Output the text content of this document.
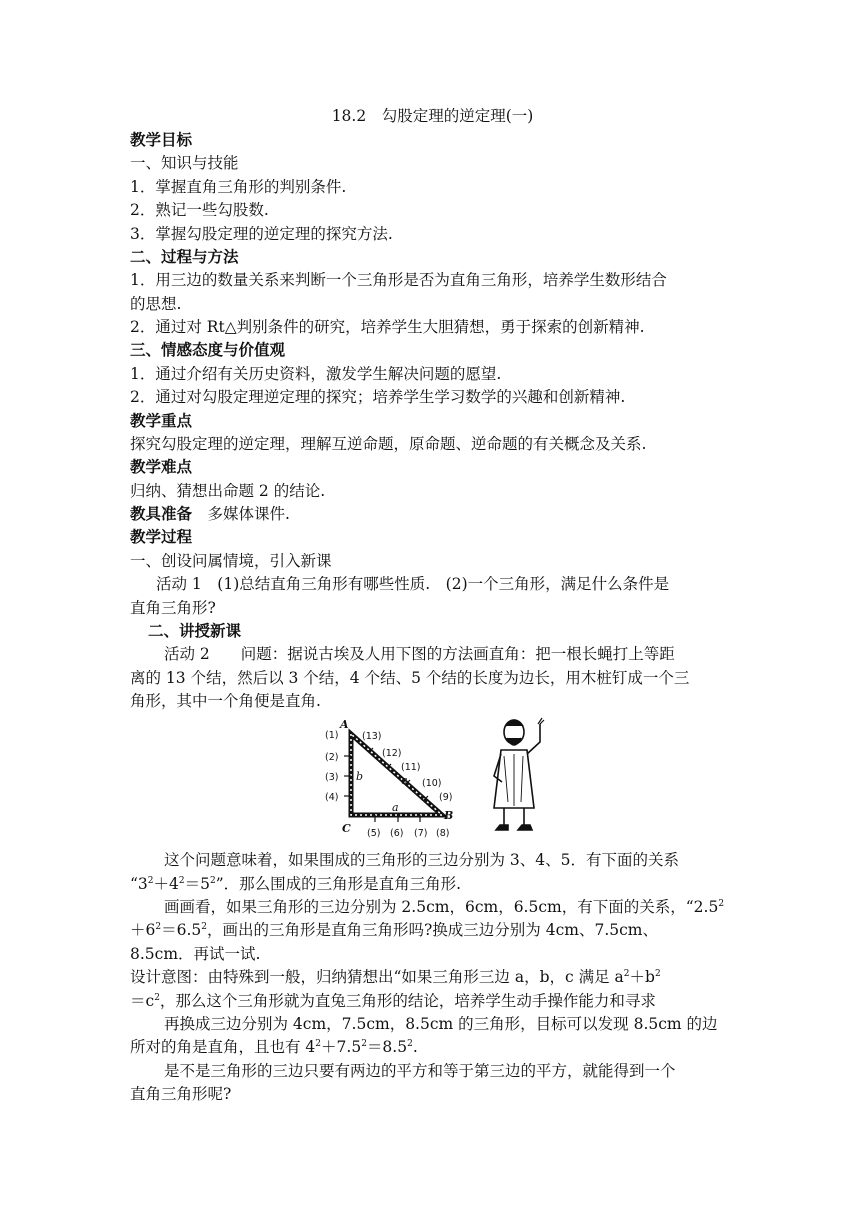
18.2　勾股定理的逆定理(一)
教学目标
一、知识与技能
1．掌握直角三角形的判别条件.
2．熟记一些勾股数.
3．掌握勾股定理的逆定理的探究方法.
二、过程与方法
1．用三边的数量关系来判断一个三角形是否为直角三角形，培养学生数形结合
的思想.
2．通过对 Rt△判别条件的研究，培养学生大胆猜想，勇于探索的创新精神.
三、情感态度与价值观
1．通过介绍有关历史资料，激发学生解决问题的愿望.
2．通过对勾股定理逆定理的探究；培养学生学习数学的兴趣和创新精神.
教学重点
探究勾股定理的逆定理，理解互逆命题，原命题、逆命题的有关概念及关系.
教学难点
归纳、猜想出命题 2 的结论.
教具准备　多媒体课件.
教学过程
一、创设问属情境，引入新课
活动 1　(1)总结直角三角形有哪些性质.　(2)一个三角形，满足什么条件是
直角三角形?
二、讲授新课
活动 2　　问题：据说古埃及人用下图的方法画直角：把一根长蝇打上等距
离的 13 个结，然后以 3 个结，4 个结、5 个结的长度为边长，用木桩钉成一个三
角形，其中一个角便是直角.
A
B
C
b
a
c
(1)
(2)
(3)
(4)
(5) (6) (7) (8)
(9)
(10)
(11)
(12)
(13)
这个问题意味着，如果围成的三角形的三边分别为 3、4、5．有下面的关系
“$3^2+4^2=5^2$”．那么围成的三角形是直角三角形.
画画看，如果三角形的三边分别为 2.5cm，6cm，6.5cm，有下面的关系，“$2.5^2$
$+6^2=6.5^2$，画出的三角形是直角三角形吗?换成三边分别为 4cm、7.5cm、
8.5cm．再试一试.
设计意图：由特殊到一般，归纳猜想出“如果三角形三边 a，b，c 满足 $a^2+b^2$
$=c^2$，那么这个三角形就为直兔三角形的结论，培养学生动手操作能力和寻求
再换成三边分别为 4cm，7.5cm，8.5cm 的三角形，目标可以发现 8.5cm 的边
所对的角是直角，且也有 $4^2+7.5^2=8.5^2$.
是不是三角形的三边只要有两边的平方和等于第三边的平方，就能得到一个
直角三角形呢?
